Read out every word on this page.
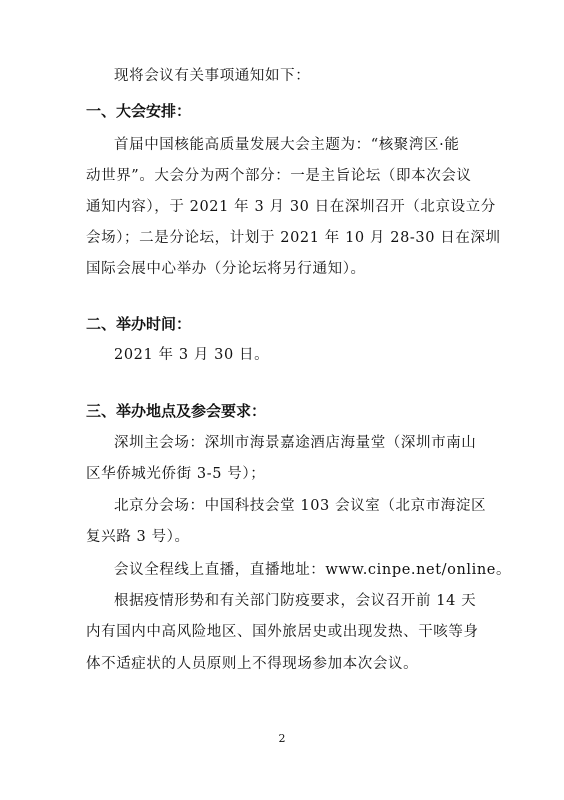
现将会议有关事项通知如下：
一、大会安排：
首届中国核能高质量发展大会主题为：“核聚湾区·能
动世界”。大会分为两个部分：一是主旨论坛（即本次会议
通知内容），于 2021 年 3 月 30 日在深圳召开（北京设立分
会场）；二是分论坛，计划于 2021 年 10 月 28-30 日在深圳
国际会展中心举办（分论坛将另行通知）。
二、举办时间：
2021 年 3 月 30 日。
三、举办地点及参会要求：
深圳主会场：深圳市海景嘉途酒店海量堂（深圳市南山
区华侨城光侨街 3-5 号）；
北京分会场：中国科技会堂 103 会议室（北京市海淀区
复兴路 3 号）。
会议全程线上直播，直播地址：www.cinpe.net/online。
根据疫情形势和有关部门防疫要求，会议召开前 14 天
内有国内中高风险地区、国外旅居史或出现发热、干咳等身
体不适症状的人员原则上不得现场参加本次会议。
2
